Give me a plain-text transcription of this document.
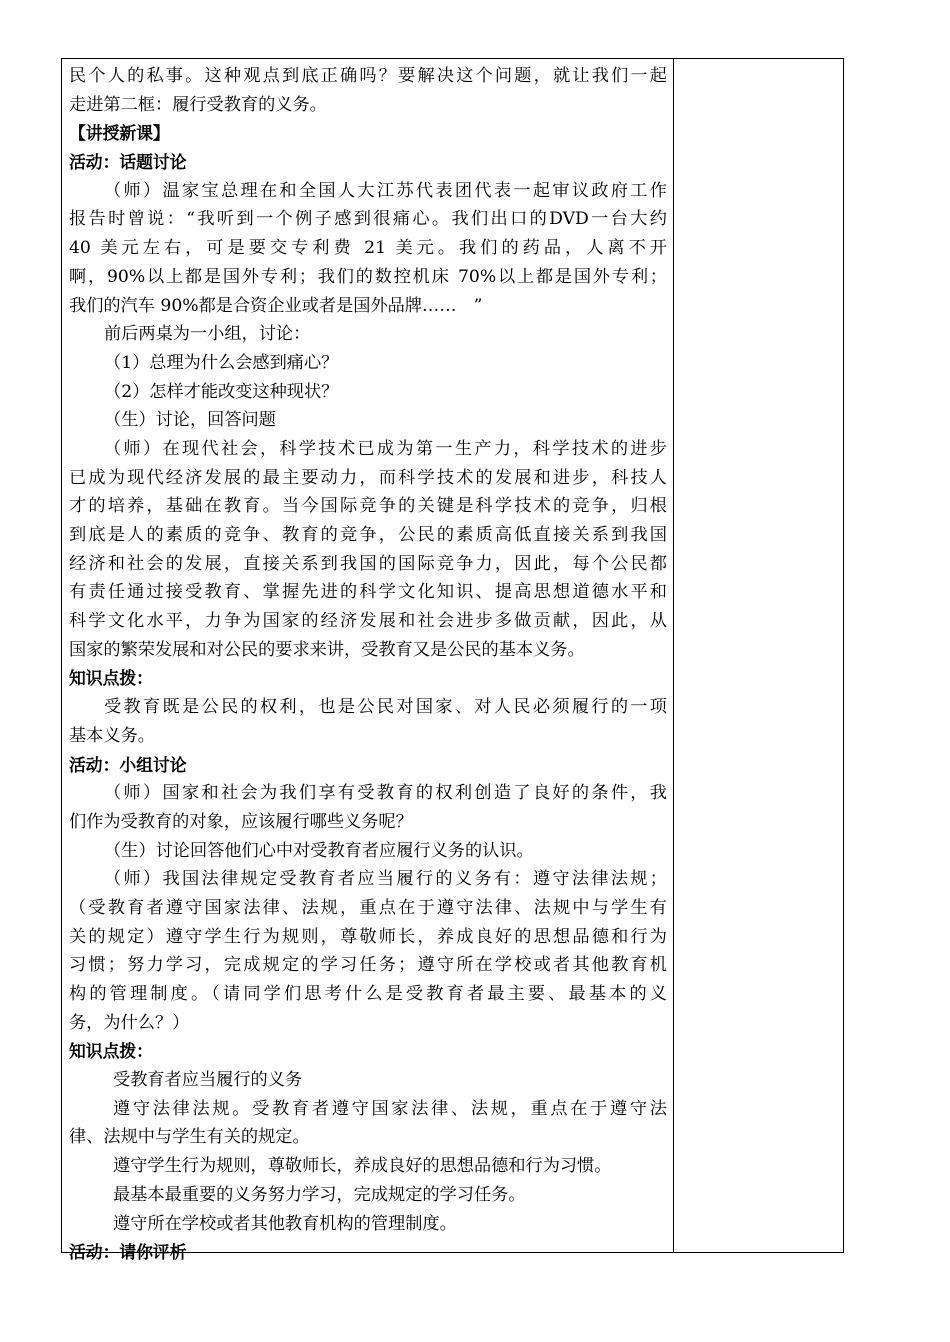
民个人的私事。这种观点到底正确吗？要解决这个问题，就让我们一起
走进第二框：履行受教育的义务。
【讲授新课】
活动：话题讨论
（师）温家宝总理在和全国人大江苏代表团代表一起审议政府工作
报告时曾说：“我听到一个例子感到很痛心。我们出口的DVD一台大约
40 美元左右，可是要交专利费 21 美元。我们的药品，人离不开
啊，90%以上都是国外专利；我们的数控机床 70%以上都是国外专利；
我们的汽车 90%都是合资企业或者是国外品牌……　”
前后两桌为一小组，讨论：
（1）总理为什么会感到痛心？
（2）怎样才能改变这种现状？
（生）讨论，回答问题
（师）在现代社会，科学技术已成为第一生产力，科学技术的进步
已成为现代经济发展的最主要动力，而科学技术的发展和进步，科技人
才的培养，基础在教育。当今国际竞争的关键是科学技术的竞争，归根
到底是人的素质的竞争、教育的竞争，公民的素质高低直接关系到我国
经济和社会的发展，直接关系到我国的国际竞争力，因此，每个公民都
有责任通过接受教育、掌握先进的科学文化知识、提高思想道德水平和
科学文化水平，力争为国家的经济发展和社会进步多做贡献，因此，从
国家的繁荣发展和对公民的要求来讲，受教育又是公民的基本义务。
知识点拨：
受教育既是公民的权利，也是公民对国家、对人民必须履行的一项
基本义务。
活动：小组讨论
（师）国家和社会为我们享有受教育的权利创造了良好的条件，我
们作为受教育的对象，应该履行哪些义务呢？
（生）讨论回答他们心中对受教育者应履行义务的认识。
（师）我国法律规定受教育者应当履行的义务有：遵守法律法规；
（受教育者遵守国家法律、法规，重点在于遵守法律、法规中与学生有
关的规定）遵守学生行为规则，尊敬师长，养成良好的思想品德和行为
习惯；努力学习，完成规定的学习任务；遵守所在学校或者其他教育机
构的管理制度。（请同学们思考什么是受教育者最主要、最基本的义
务，为什么？）
知识点拨：
受教育者应当履行的义务
遵守法律法规。受教育者遵守国家法律、法规，重点在于遵守法
律、法规中与学生有关的规定。
遵守学生行为规则，尊敬师长，养成良好的思想品德和行为习惯。
最基本最重要的义务努力学习，完成规定的学习任务。
遵守所在学校或者其他教育机构的管理制度。
活动：请你评析
